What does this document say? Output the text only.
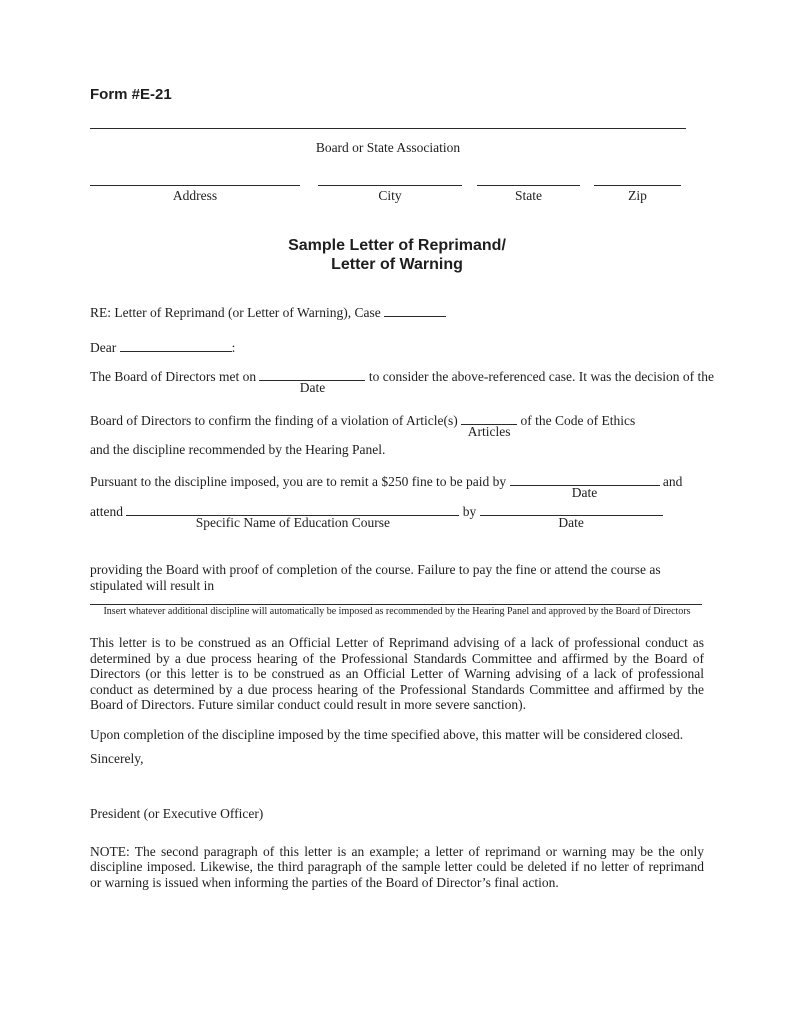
Form #E-21
Board or State Association
Address	City	State	Zip
Sample Letter of Reprimand/
Letter of Warning
RE: Letter of Reprimand (or Letter of Warning), Case
Dear	:
The Board of Directors met on
Date
to consider the above-referenced case. It was the decision of the
Board of Directors to confirm the finding of a violation of Article(s)
Articles
of the Code of Ethics
and the discipline recommended by the Hearing Panel.
Pursuant to the discipline imposed, you are to remit a $250 fine to be paid by
Date
and
attend
Specific Name of Education Course
by
Date
providing the Board with proof of completion of the course. Failure to pay the fine or attend the course as stipulated will result in
Insert whatever additional discipline will automatically be imposed as recommended by the Hearing Panel and approved by the Board of Directors
This letter is to be construed as an Official Letter of Reprimand advising of a lack of professional conduct as determined by a due process hearing of the Professional Standards Committee and affirmed by the Board of Directors (or this letter is to be construed as an Official Letter of Warning advising of a lack of professional conduct as determined by a due process hearing of the Professional Standards Committee and affirmed by the Board of Directors. Future similar conduct could result in more severe sanction).
Upon completion of the discipline imposed by the time specified above, this matter will be considered closed.
Sincerely,
President (or Executive Officer)
NOTE: The second paragraph of this letter is an example; a letter of reprimand or warning may be the only discipline imposed. Likewise, the third paragraph of the sample letter could be deleted if no letter of reprimand or warning is issued when informing the parties of the Board of Director’s final action.
